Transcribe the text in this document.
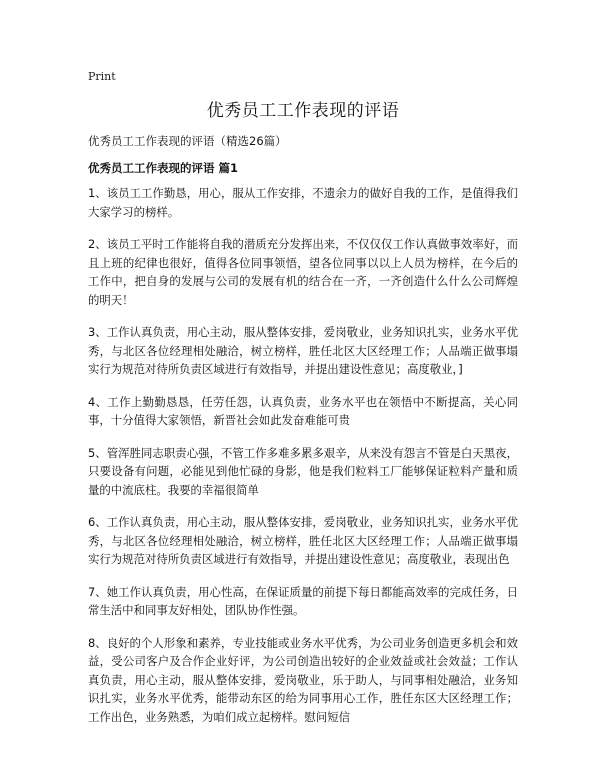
Print
优秀员工工作表现的评语
优秀员工工作表现的评语（精选26篇）
优秀员工工作表现的评语 篇1

1、该员工工作勤恳，用心，服从工作安排，不遗余力的做好自我的工作，是值得我们大家学习的榜样。

2、该员工平时工作能将自我的潜质充分发挥出来，不仅仅仅工作认真做事效率好，而且上班的纪律也很好，值得各位同事领悟，望各位同事以以上人员为榜样，在今后的工作中，把自身的发展与公司的发展有机的结合在一齐，一齐创造什么什么公司辉煌的明天！

3、工作认真负责，用心主动，服从整体安排，爱岗敬业，业务知识扎实，业务水平优秀，与北区各位经理相处融洽，树立榜样，胜任北区大区经理工作；人品端正做事塌实行为规范对待所负责区域进行有效指导，并提出建设性意见；高度敬业，]

4、工作上勤勤恳恳，任劳任怨，认真负责，业务水平也在领悟中不断提高，关心同事，十分值得大家领悟，新晋社会如此发奋难能可贵

5、管浑胜同志职责心强，不管工作多难多累多艰辛，从来没有怨言不管是白天黑夜，只要设备有问题，必能见到他忙碌的身影，他是我们粒料工厂能够保证粒料产量和质量的中流底柱。我要的幸福很简单

6、工作认真负责，用心主动，服从整体安排，爱岗敬业，业务知识扎实，业务水平优秀，与北区各位经理相处融洽，树立榜样，胜任北区大区经理工作；人品端正做事塌实行为规范对待所负责区域进行有效指导，并提出建设性意见；高度敬业，表现出色

7、她工作认真负责，用心性高，在保证质量的前提下每日都能高效率的完成任务，日常生活中和同事友好相处，团队协作性强。

8、良好的个人形象和素养，专业技能或业务水平优秀，为公司业务创造更多机会和效益，受公司客户及合作企业好评，为公司创造出较好的企业效益或社会效益；工作认真负责，用心主动，服从整体安排，爱岗敬业，乐于助人，与同事相处融洽，业务知识扎实，业务水平优秀，能带动东区的给为同事用心工作，胜任东区大区经理工作；工作出色，业务熟悉，为咱们成立起榜样。慰问短信
